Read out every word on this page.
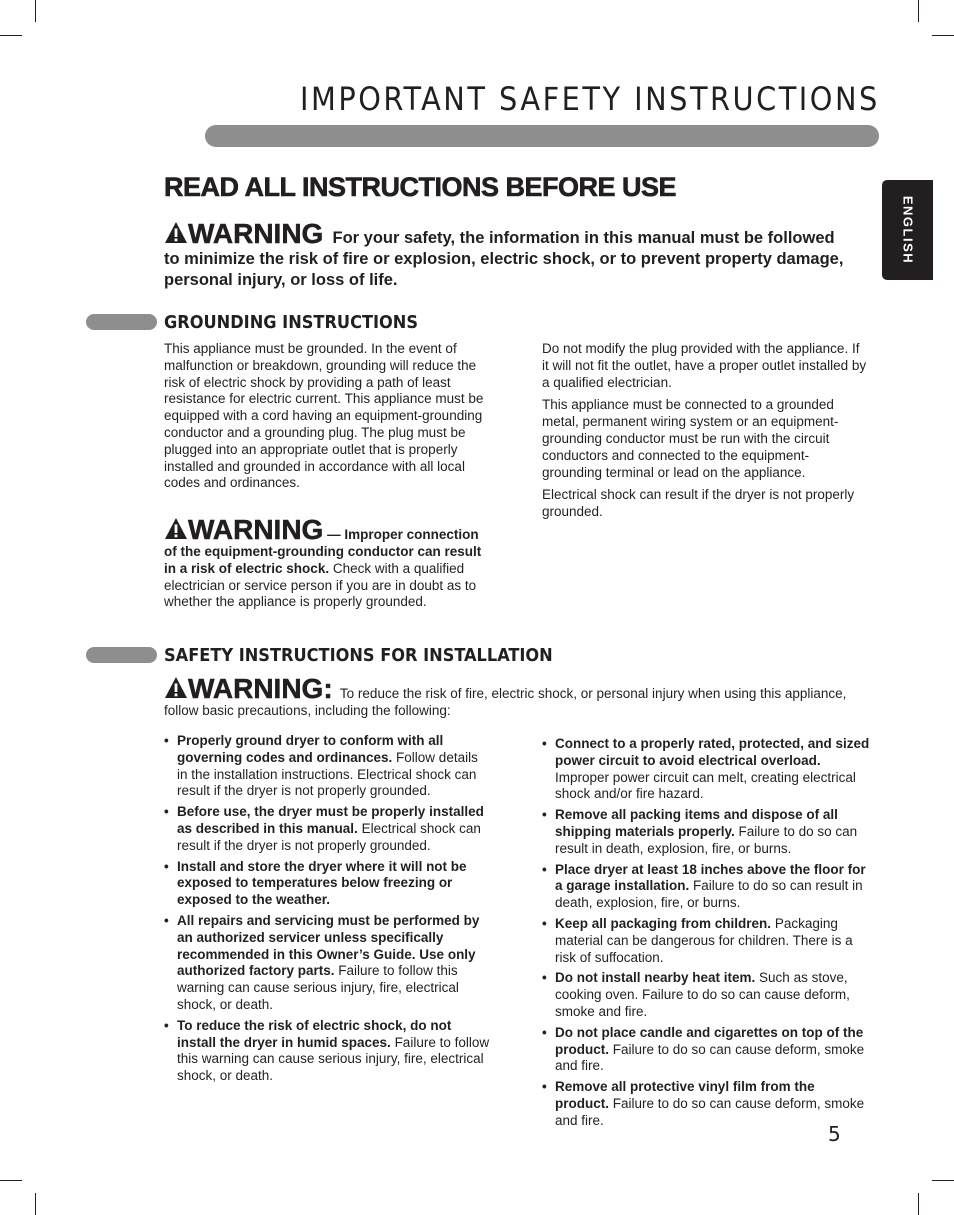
IMPORTANT SAFETY INSTRUCTIONS
ENGLISH
READ ALL INSTRUCTIONS BEFORE USE
WARNING For your safety, the information in this manual must be followed to minimize the risk of fire or explosion, electric shock, or to prevent property damage, personal injury, or loss of life.
GROUNDING INSTRUCTIONS

This appliance must be grounded. In the event of malfunction or breakdown, grounding will reduce the risk of electric shock by providing a path of least resistance for electric current. This appliance must be equipped with a cord having an equipment-grounding conductor and a grounding plug. The plug must be plugged into an appropriate outlet that is properly installed and grounded in accordance with all local codes and ordinances.

WARNING — Improper connection of the equipment-grounding conductor can result in a risk of electric shock. Check with a qualified electrician or service person if you are in doubt as to whether the appliance is properly grounded.

Do not modify the plug provided with the appliance. If it will not fit the outlet, have a proper outlet installed by a qualified electrician.

This appliance must be connected to a grounded metal, permanent wiring system or an equipment-grounding conductor must be run with the circuit conductors and connected to the equipment-grounding terminal or lead on the appliance.

Electrical shock can result if the dryer is not properly grounded.

SAFETY INSTRUCTIONS FOR INSTALLATION
WARNING: To reduce the risk of fire, electric shock, or personal injury when using this appliance, follow basic precautions, including the following:
• Properly ground dryer to conform with all governing codes and ordinances. Follow details in the installation instructions. Electrical shock can result if the dryer is not properly grounded.
• Before use, the dryer must be properly installed as described in this manual. Electrical shock can result if the dryer is not properly grounded.
• Install and store the dryer where it will not be exposed to temperatures below freezing or exposed to the weather.
• All repairs and servicing must be performed by an authorized servicer unless specifically recommended in this Owner’s Guide. Use only authorized factory parts. Failure to follow this warning can cause serious injury, fire, electrical shock, or death.
• To reduce the risk of electric shock, do not install the dryer in humid spaces. Failure to follow this warning can cause serious injury, fire, electrical shock, or death.
• Connect to a properly rated, protected, and sized power circuit to avoid electrical overload. Improper power circuit can melt, creating electrical shock and/or fire hazard.
• Remove all packing items and dispose of all shipping materials properly. Failure to do so can result in death, explosion, fire, or burns.
• Place dryer at least 18 inches above the floor for a garage installation. Failure to do so can result in death, explosion, fire, or burns.
• Keep all packaging from children. Packaging material can be dangerous for children. There is a risk of suffocation.
• Do not install nearby heat item. Such as stove, cooking oven. Failure to do so can cause deform, smoke and fire.
• Do not place candle and cigarettes on top of the product. Failure to do so can cause deform, smoke and fire.
• Remove all protective vinyl film from the product. Failure to do so can cause deform, smoke and fire.
5
